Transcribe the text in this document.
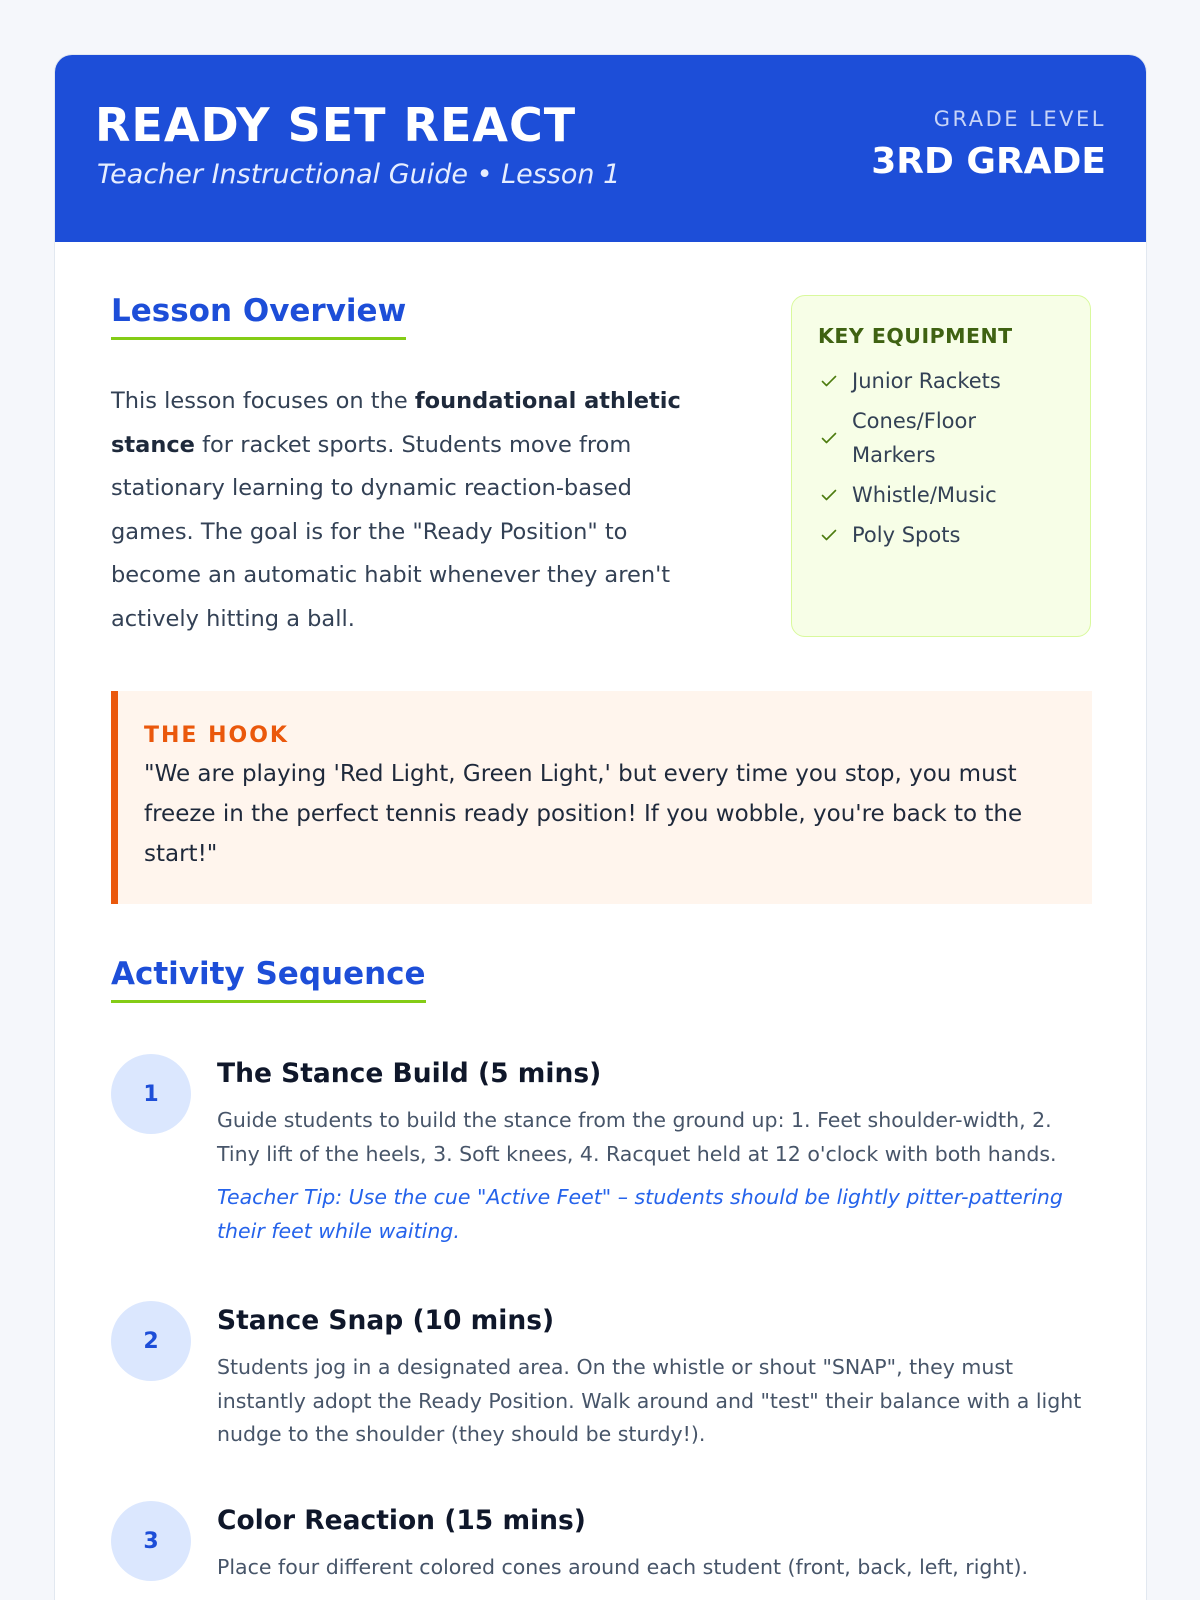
READY SET REACT
Teacher Instructional Guide • Lesson 1
GRADE LEVEL
3RD GRADE
Lesson Overview
This lesson focuses on the foundational athletic stance for racket sports. Students move from stationary learning to dynamic reaction-based games. The goal is for the "Ready Position" to become an automatic habit whenever they aren't actively hitting a ball.
KEY EQUIPMENT
Junior Rackets
Cones/Floor Markers
Whistle/Music
Poly Spots
THE HOOK
"We are playing 'Red Light, Green Light,' but every time you stop, you must freeze in the perfect tennis ready position! If you wobble, you're back to the start!"
Activity Sequence
1
The Stance Build (5 mins)
Guide students to build the stance from the ground up: 1. Feet shoulder-width, 2. Tiny lift of the heels, 3. Soft knees, 4. Racquet held at 12 o'clock with both hands.
Teacher Tip: Use the cue "Active Feet" – students should be lightly pitter-pattering their feet while waiting.
2
Stance Snap (10 mins)
Students jog in a designated area. On the whistle or shout "SNAP", they must instantly adopt the Ready Position. Walk around and "test" their balance with a light nudge to the shoulder (they should be sturdy!).
3
Color Reaction (15 mins)
Place four different colored cones around each student (front, back, left, right).
